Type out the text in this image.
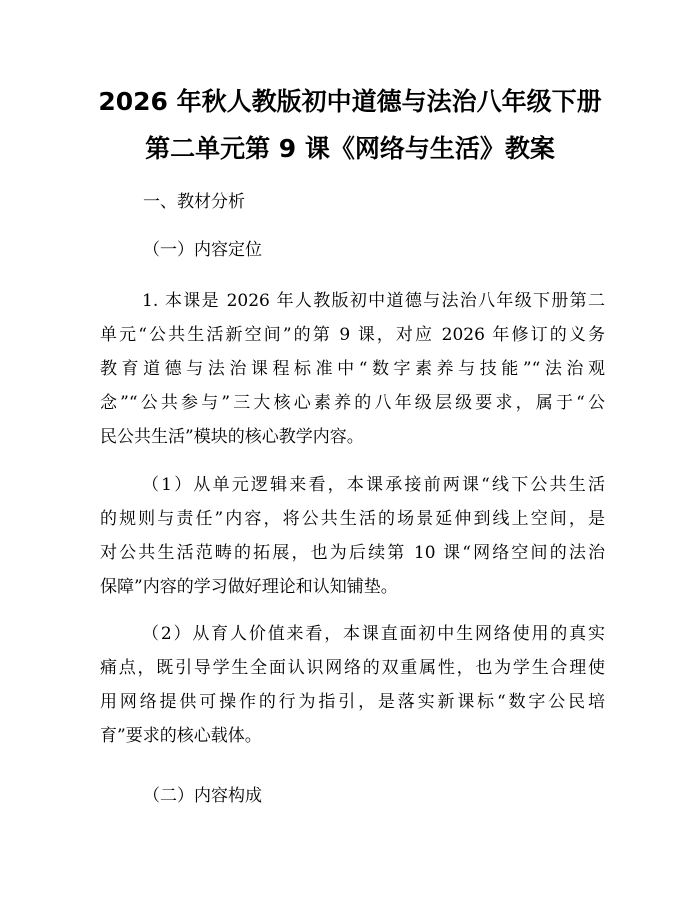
2026 年秋人教版初中道德与法治八年级下册
第二单元第 9 课《网络与生活》教案
一、教材分析
（一）内容定位
1. 本课是 2026 年人教版初中道德与法治八年级下册第二
单元“公共生活新空间”的第 9 课，对应 2026 年修订的义务
教育道德与法治课程标准中“数字素养与技能”“法治观
念”“公共参与”三大核心素养的八年级层级要求，属于“公
民公共生活”模块的核心教学内容。
（1）从单元逻辑来看，本课承接前两课“线下公共生活
的规则与责任”内容，将公共生活的场景延伸到线上空间，是
对公共生活范畴的拓展，也为后续第 10 课“网络空间的法治
保障”内容的学习做好理论和认知铺垫。
（2）从育人价值来看，本课直面初中生网络使用的真实
痛点，既引导学生全面认识网络的双重属性，也为学生合理使
用网络提供可操作的行为指引，是落实新课标“数字公民培
育”要求的核心载体。
（二）内容构成
